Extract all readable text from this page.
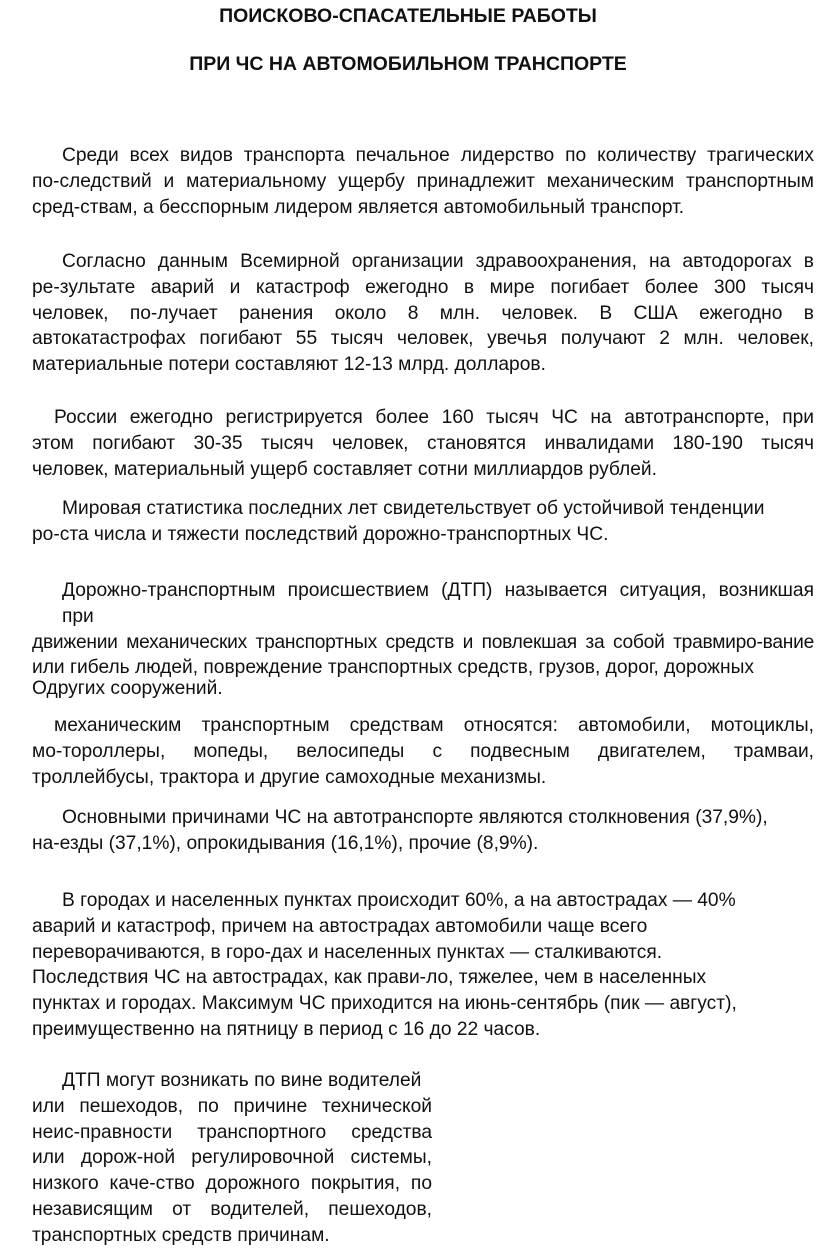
ПОИСКОВО-СПАСАТЕЛЬНЫЕ РАБОТЫ
ПРИ ЧС НА АВТОМОБИЛЬНОМ ТРАНСПОРТЕ
Среди всех видов транспорта печальное лидерство по количеству трагических
по-следствий и материальному ущербу принадлежит механическим транспортным
сред-ствам, а бесспорным лидером является автомобильный транспорт.
Согласно данным Всемирной организации здравоохранения, на автодорогах в
ре-зультате аварий и катастроф ежегодно в мире погибает более 300 тысяч
человек, по-лучает ранения около 8 млн. человек. В США ежегодно в
автокатастрофах погибают 55 тысяч человек, увечья получают 2 млн. человек,
материальные потери составляют 12-13 млрд. долларов.
России ежегодно регистрируется более 160 тысяч ЧС на автотранспорте, при
этом погибают 30-35 тысяч человек, становятся инвалидами 180-190 тысяч
человек, материальный ущерб составляет сотни миллиардов рублей.
Мировая статистика последних лет свидетельствует об устойчивой тенденции
ро-ста числа и тяжести последствий дорожно-транспортных ЧС.
Дорожно-транспортным происшествием (ДТП) называется ситуация, возникшая при
движении механических транспортных средств и повлекшая за собой травмиро-вание
или гибель людей, повреждение транспортных средств, грузов, дорог, дорожных
Одругих сооружений.
механическим транспортным средствам относятся: автомобили, мотоциклы,
мо-тороллеры, мопеды, велосипеды с подвесным двигателем, трамваи,
троллейбусы, трактора и другие самоходные механизмы.
Основными причинами ЧС на автотранспорте являются столкновения (37,9%),
на-езды (37,1%), опрокидывания (16,1%), прочие (8,9%).
В городах и населенных пунктах происходит 60%, а на автострадах — 40%
аварий и катастроф, причем на автострадах автомобили чаще всего
переворачиваются, в горо-дах и населенных пунктах — сталкиваются.
Последствия ЧС на автострадах, как прави-ло, тяжелее, чем в населенных
пунктах и городах. Максимум ЧС приходится на июнь-сентябрь (пик — август),
преимущественно на пятницу в период с 16 до 22 часов.
ДТП могут возникать по вине водителей
или пешеходов, по причине технической
неис-правности транспортного средства
или дорож-ной регулировочной системы,
низкого каче-ство дорожного покрытия, по
независящим от водителей, пешеходов,
транспортных средств причинам.
